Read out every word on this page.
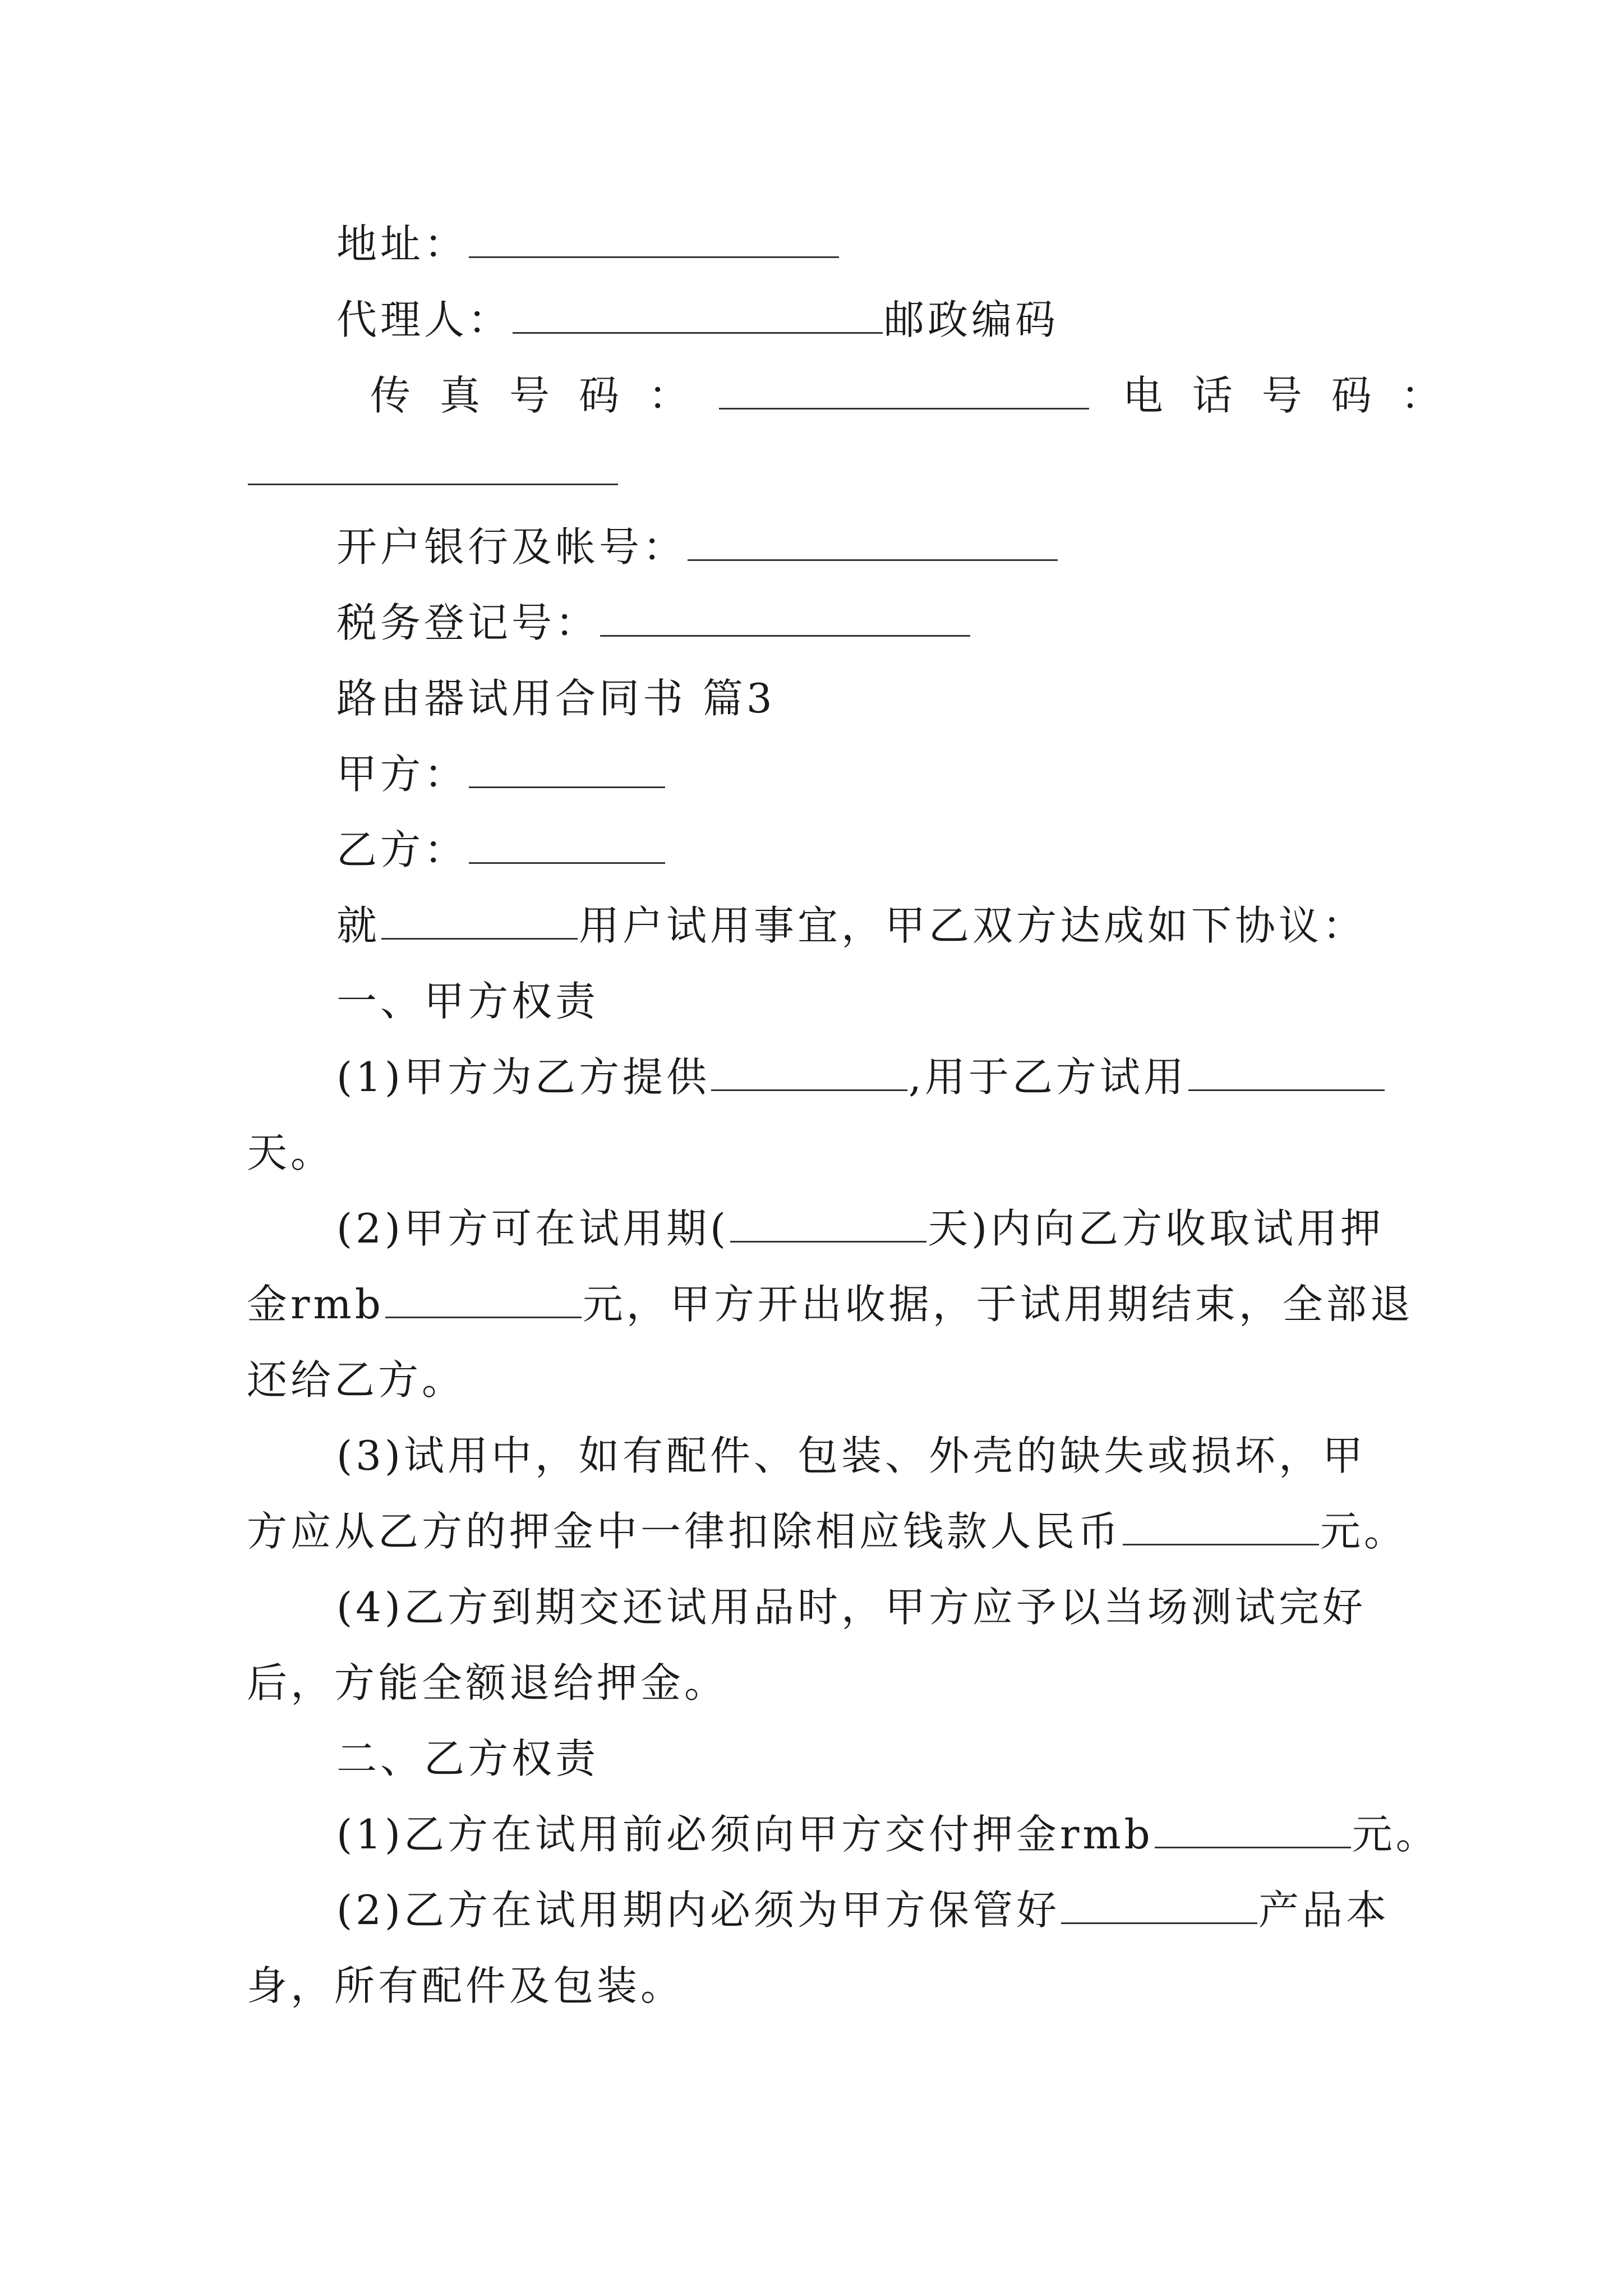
地址：
代理人：	邮政编码
传真号码：	电话号码：
开户银行及帐号：
税务登记号：
路由器试用合同书 篇3
甲方：
乙方：
就	用户试用事宜，甲乙双方达成如下协议：
一、甲方权责
(1)甲方为乙方提供	,用于乙方试用
天。
(2)甲方可在试用期(	天)内向乙方收取试用押
金rmb	元，甲方开出收据，于试用期结束，全部退
还给乙方。
(3)试用中，如有配件、包装、外壳的缺失或损坏，甲
方应从乙方的押金中一律扣除相应钱款人民币	元。
(4)乙方到期交还试用品时，甲方应予以当场测试完好
后，方能全额退给押金。
二、乙方权责
(1)乙方在试用前必须向甲方交付押金rmb	元。
(2)乙方在试用期内必须为甲方保管好	产品本
身，所有配件及包装。
